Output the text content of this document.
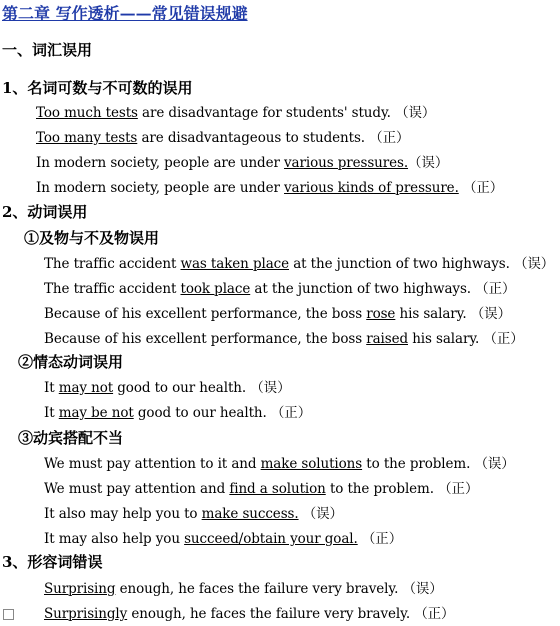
第二章 写作透析——常见错误规避
一、词汇误用
1、名词可数与不可数的误用
2、动词误用
①及物与不及物误用
②情态动词误用
③动宾搭配不当
3、形容词错误
Too much tests are disadvantage for students' study. （误）
Too many tests are disadvantageous to students. （正）
In modern society, people are under various pressures.（误）
In modern society, people are under various kinds of pressure. （正）
The traffic accident was taken place at the junction of two highways. （误）
The traffic accident took place at the junction of two highways. （正）
Because of his excellent performance, the boss rose his salary. （误）
Because of his excellent performance, the boss raised his salary. （正）
It may not good to our health. （误）
It may be not good to our health. （正）
We must pay attention to it and make solutions to the problem. （误）
We must pay attention and find a solution to the problem. （正）
It also may help you to make success. （误）
It may also help you succeed/obtain your goal. （正）
Surprising enough, he faces the failure very bravely. （误）
Surprisingly enough, he faces the failure very bravely. （正）
